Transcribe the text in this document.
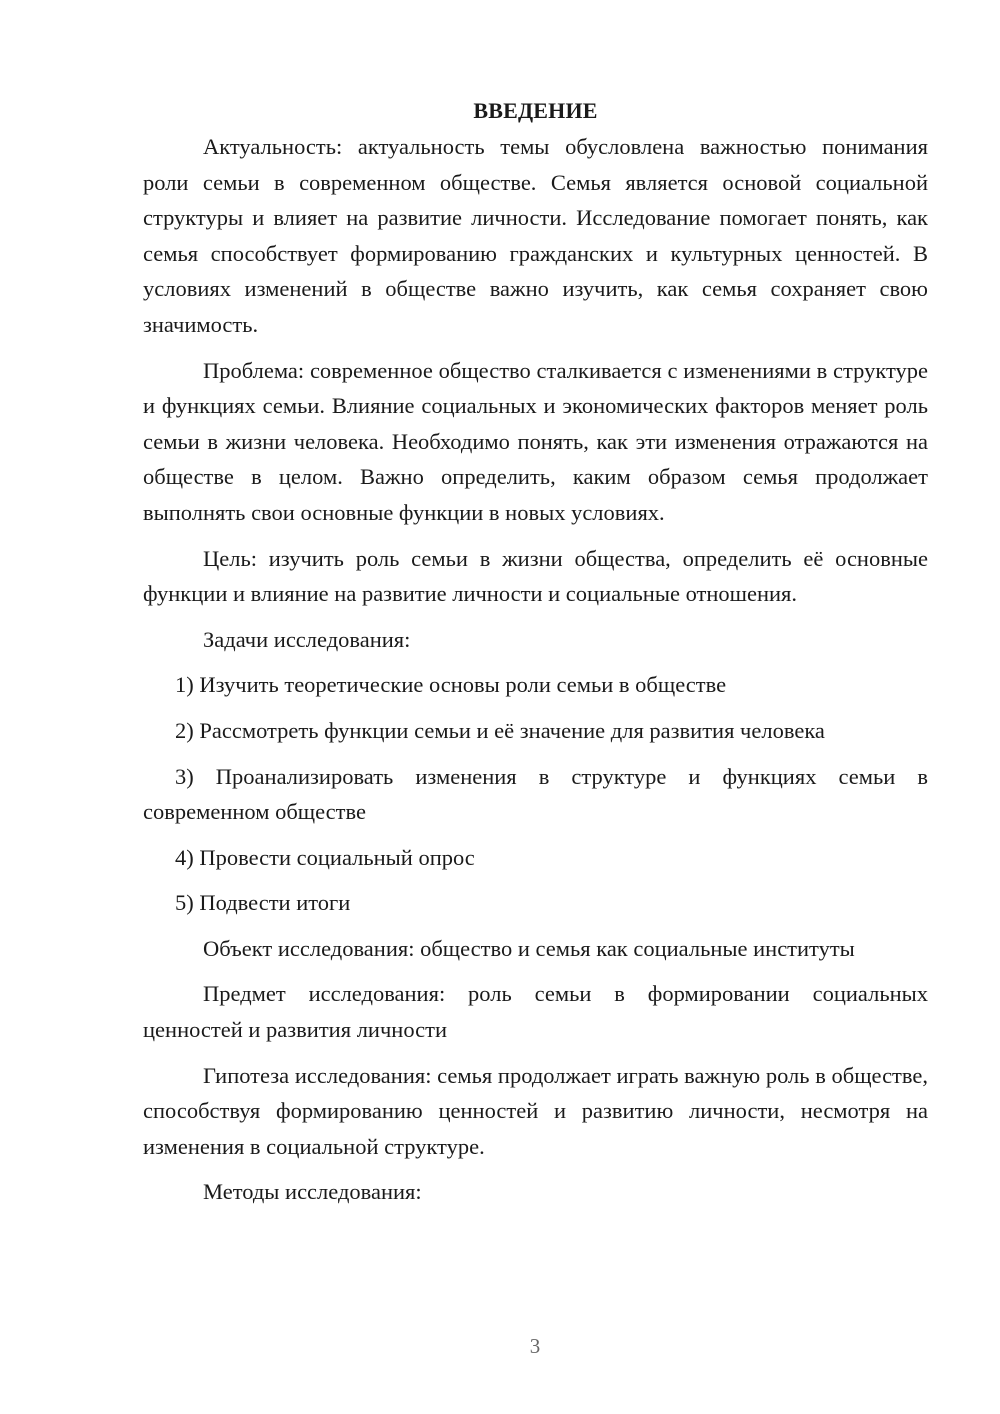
ВВЕДЕНИЕ

Актуальность: актуальность темы обусловлена важностью понимания роли семьи в современном обществе. Семья является основой социальной структуры и влияет на развитие личности. Исследование помогает понять, как семья способствует формированию гражданских и культурных ценностей. В условиях изменений в обществе важно изучить, как семья сохраняет свою значимость.

Проблема: современное общество сталкивается с изменениями в структуре и функциях семьи. Влияние социальных и экономических факторов меняет роль семьи в жизни человека. Необходимо понять, как эти изменения отражаются на обществе в целом. Важно определить, каким образом семья продолжает выполнять свои основные функции в новых условиях.

Цель: изучить роль семьи в жизни общества, определить её основные функции и влияние на развитие личности и социальные отношения.

Задачи исследования:

1) Изучить теоретические основы роли семьи в обществе

2) Рассмотреть функции семьи и её значение для развития человека

3) Проанализировать изменения в структуре и функциях семьи в современном обществе

4) Провести социальный опрос

5) Подвести итоги

Объект исследования: общество и семья как социальные институты

Предмет исследования: роль семьи в формировании социальных ценностей и развития личности

Гипотеза исследования: семья продолжает играть важную роль в обществе, способствуя формированию ценностей и развитию личности, несмотря на изменения в социальной структуре.

Методы исследования:

3
